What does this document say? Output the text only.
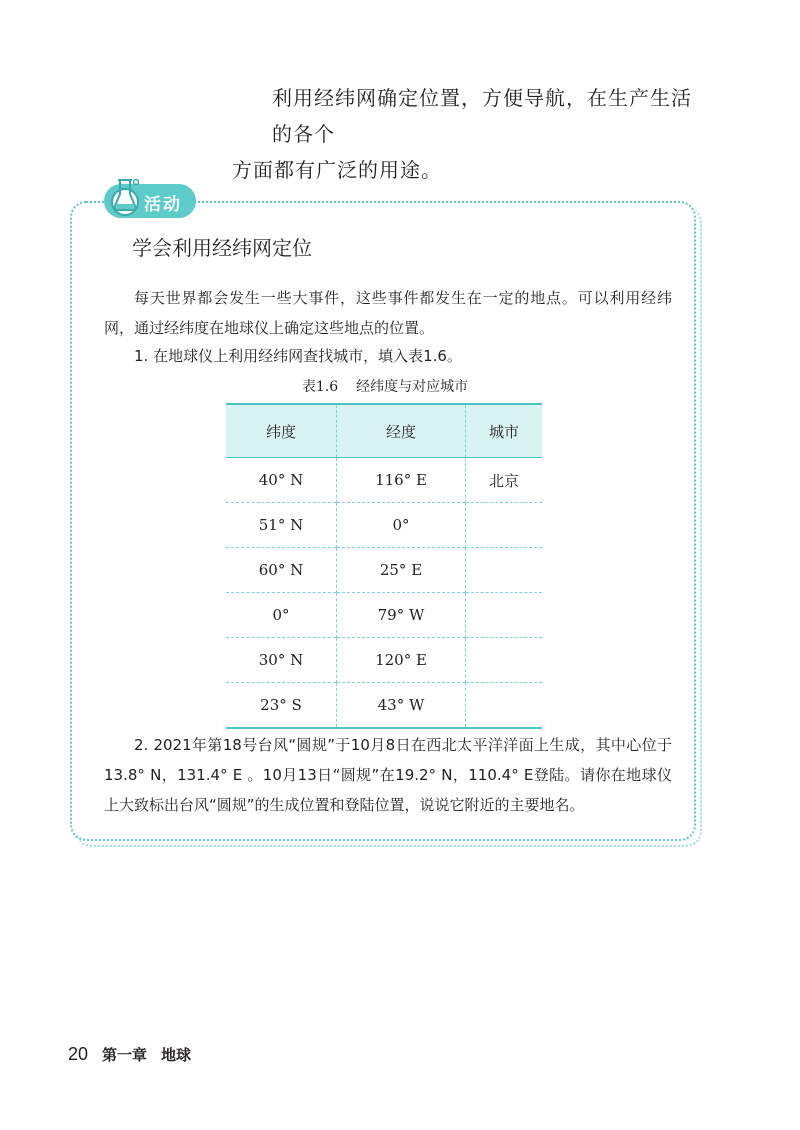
利用经纬网确定位置，方便导航，在生产生活的各个

方面都有广泛的用途。

活动
学会利用经纬网定位

每天世界都会发生一些大事件，这些事件都发生在一定的地点。可以利用经纬网，通过经纬度在地球仪上确定这些地点的位置。

1. 在地球仪上利用经纬网查找城市，填入表1.6。

表1.6 经纬度与对应城市
纬度	经度	城市
40° N	116° E	北京
51° N	0°	
60° N	25° E	
0°	79° W	
30° N	120° E	
23° S	43° W	

2. 2021年第18号台风“圆规”于10月8日在西北太平洋洋面上生成，其中心位于13.8° N，131.4° E 。10月13日“圆规”在19.2° N，110.4° E登陆。请你在地球仪上大致标出台风“圆规”的生成位置和登陆位置，说说它附近的主要地名。

20 第一章 地球
